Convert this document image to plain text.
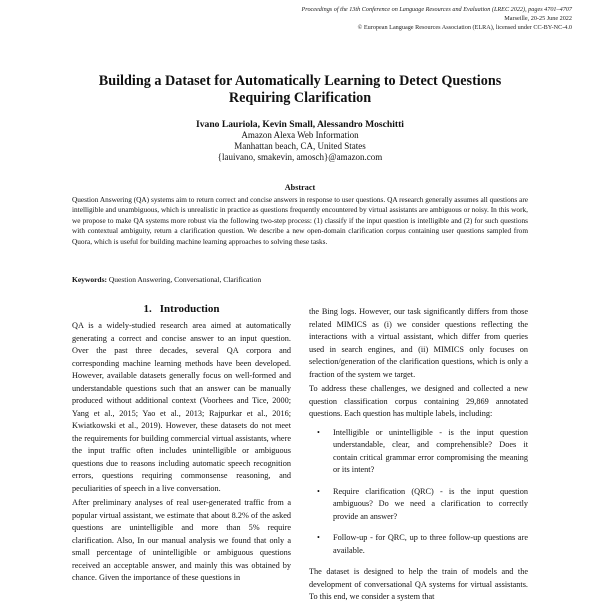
Proceedings of the 13th Conference on Language Resources and Evaluation (LREC 2022), pages 4701–4707
Marseille, 20-25 June 2022
© European Language Resources Association (ELRA), licensed under CC-BY-NC-4.0
Building a Dataset for Automatically Learning to Detect Questions
Requiring Clarification
Ivano Lauriola, Kevin Small, Alessandro Moschitti
Amazon Alexa Web Information
Manhattan beach, CA, United States
{lauivano, smakevin, amosch}@amazon.com
Abstract
Question Answering (QA) systems aim to return correct and concise answers in response to user questions. QA research generally assumes all questions are intelligible and unambiguous, which is unrealistic in practice as questions frequently encountered by virtual assistants are ambiguous or noisy. In this work, we propose to make QA systems more robust via the following two-step process: (1) classify if the input question is intelligible and (2) for such questions with contextual ambiguity, return a clarification question. We describe a new open-domain clarification corpus containing user questions sampled from Quora, which is useful for building machine learning approaches to solving these tasks.
Keywords: Question Answering, Conversational, Clarification
1. Introduction
QA is a widely-studied research area aimed at automatically generating a correct and concise answer to an input question. Over the past three decades, several QA corpora and corresponding machine learning methods have been developed. However, available datasets generally focus on well-formed and understandable questions such that an answer can be manually produced without additional context (Voorhees and Tice, 2000; Yang et al., 2015; Yao et al., 2013; Rajpurkar et al., 2016; Kwiatkowski et al., 2019). However, these datasets do not meet the requirements for building commercial virtual assistants, where the input traffic often includes unintelligible or ambiguous questions due to reasons including automatic speech recognition errors, questions requiring commonsense reasoning, and peculiarities of speech in a live conversation.
After preliminary analyses of real user-generated traffic from a popular virtual assistant, we estimate that about 8.2% of the asked questions are unintelligible and more than 5% require clarification. Also, In our manual analysis we found that only a small percentage of unintelligible or ambiguous questions received an acceptable answer, and mainly this was obtained by chance. Given the importance of these questions in
the Bing logs. However, our task significantly differs from those related MIMICS as (i) we consider questions reflecting the interactions with a virtual assistant, which differ from queries used in search engines, and (ii) MIMICS only focuses on selection/generation of the clarification questions, which is only a fraction of the system we target.
To address these challenges, we designed and collected a new question classification corpus containing 29,869 annotated questions. Each question has multiple labels, including:
• Intelligible or unintelligible - is the input question understandable, clear, and comprehensible? Does it contain critical grammar error compromising the meaning or its intent?
• Require clarification (QRC) - is the input question ambiguous? Do we need a clarification to correctly provide an answer?
• Follow-up - for QRC, up to three follow-up questions are available.
The dataset is designed to help the train of models and the development of conversational QA systems for virtual assistants. To this end, we consider a system that
